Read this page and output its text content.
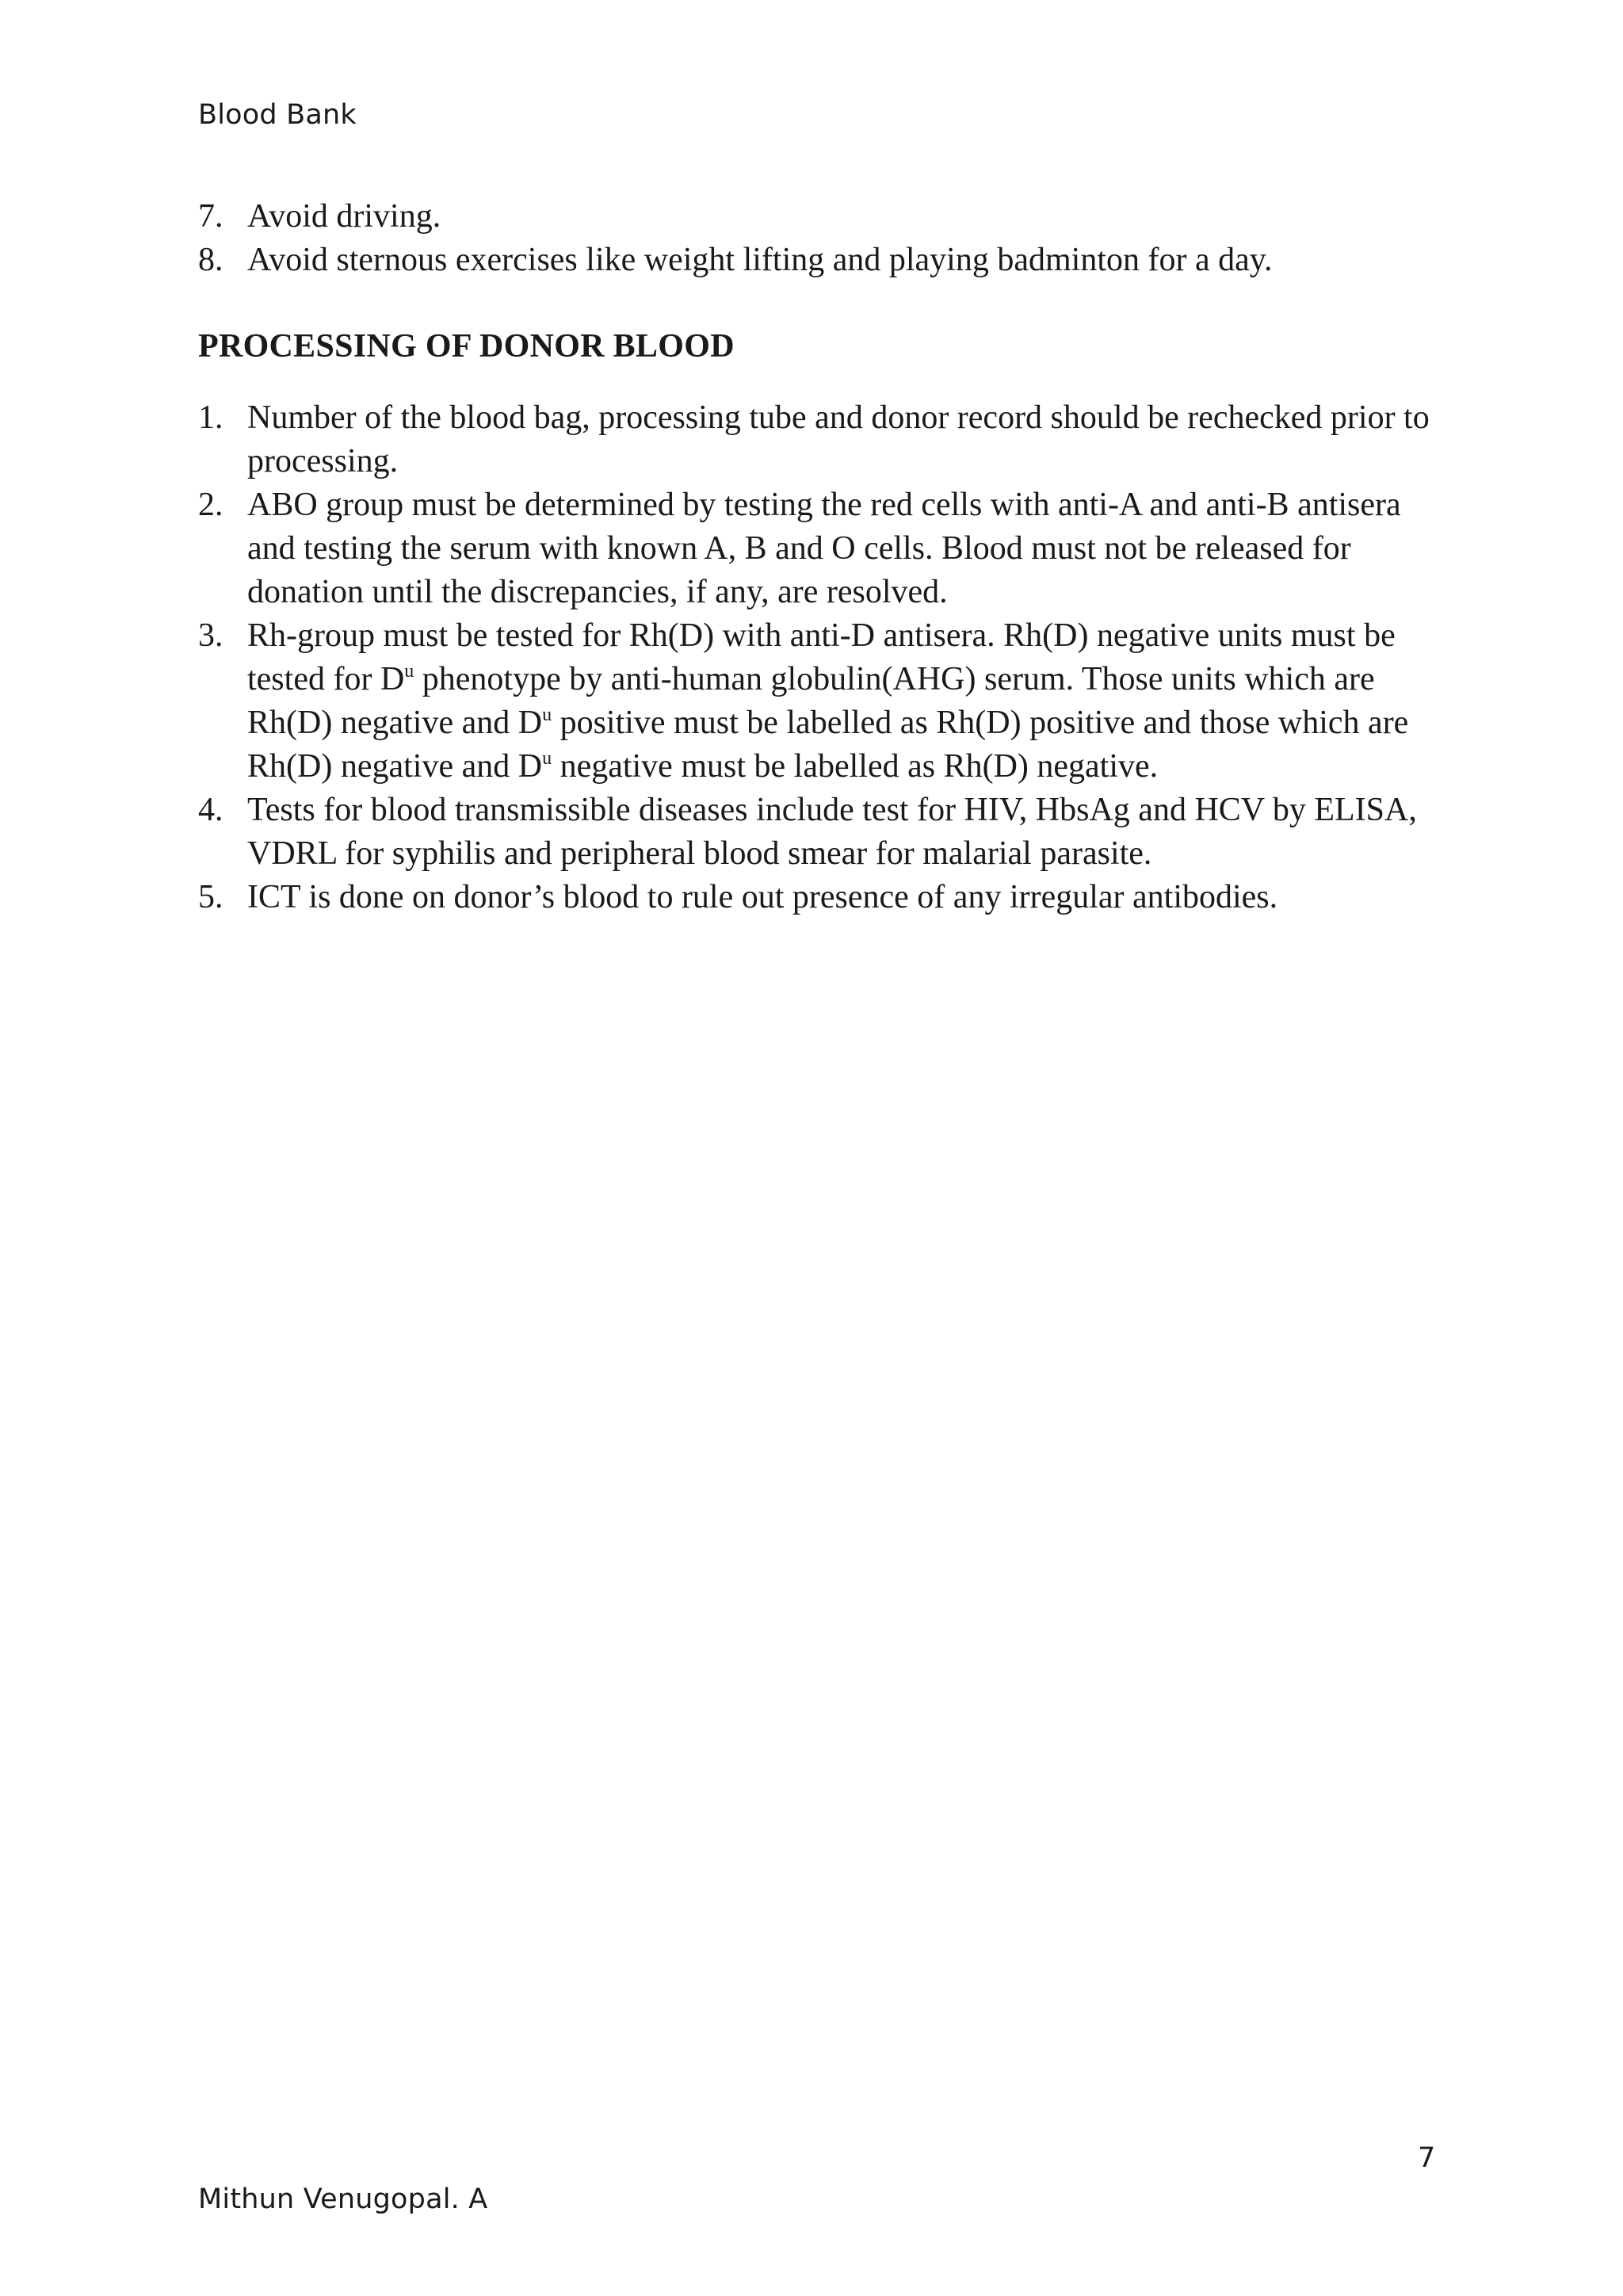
Blood Bank
7. Avoid driving.
8. Avoid sternous exercises like weight lifting and playing badminton for a day.
PROCESSING OF DONOR BLOOD
1. Number of the blood bag, processing tube and donor record should be rechecked prior to processing.
2. ABO group must be determined by testing the red cells with anti-A and anti-B antisera and testing the serum with known A, B and O cells. Blood must not be released for donation until the discrepancies, if any, are resolved.
3. Rh-group must be tested for Rh(D) with anti-D antisera. Rh(D) negative units must be tested for $D^u$ phenotype by anti-human globulin(AHG) serum. Those units which are Rh(D) negative and $D^u$ positive must be labelled as Rh(D) positive and those which are Rh(D) negative and $D^u$ negative must be labelled as Rh(D) negative.
4. Tests for blood transmissible diseases include test for HIV, HbsAg and HCV by ELISA, VDRL for syphilis and peripheral blood smear for malarial parasite.
5. ICT is done on donor’s blood to rule out presence of any irregular antibodies.
7
Mithun Venugopal. A
